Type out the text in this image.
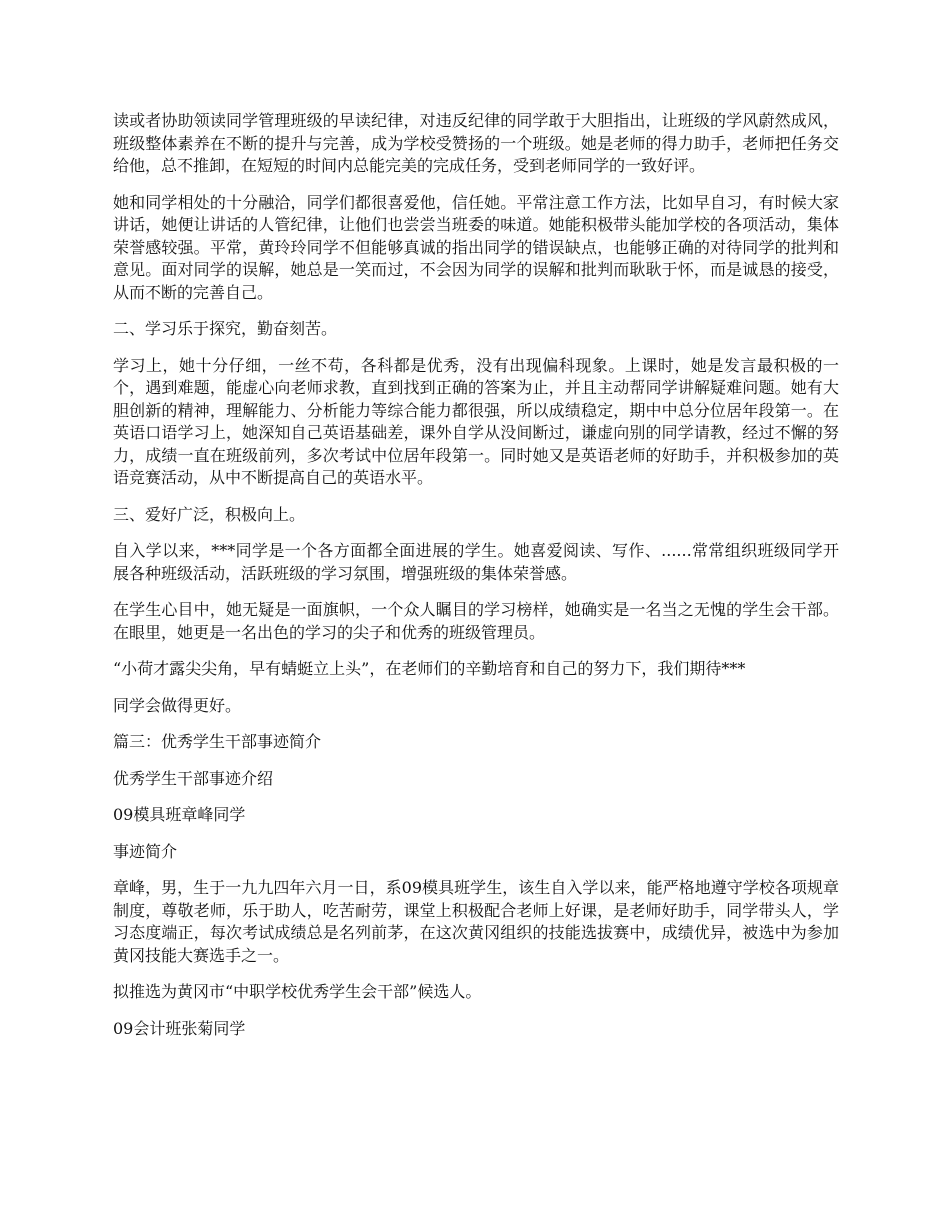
读或者协助领读同学管理班级的早读纪律，对违反纪律的同学敢于大胆指出，让班级的学风蔚然成风，班级整体素养在不断的提升与完善，成为学校受赞扬的一个班级。她是老师的得力助手，老师把任务交给他，总不推卸，在短短的时间内总能完美的完成任务，受到老师同学的一致好评。

她和同学相处的十分融洽，同学们都很喜爱他，信任她。平常注意工作方法，比如早自习，有时候大家讲话，她便让讲话的人管纪律，让他们也尝尝当班委的味道。她能积极带头能加学校的各项活动，集体荣誉感较强。平常，黄玲玲同学不但能够真诚的指出同学的错误缺点，也能够正确的对待同学的批判和意见。面对同学的误解，她总是一笑而过，不会因为同学的误解和批判而耿耿于怀，而是诚恳的接受，从而不断的完善自己。

二、学习乐于探究，勤奋刻苦。

学习上，她十分仔细，一丝不苟，各科都是优秀，没有出现偏科现象。上课时，她是发言最积极的一个，遇到难题，能虚心向老师求教，直到找到正确的答案为止，并且主动帮同学讲解疑难问题。她有大胆创新的精神，理解能力、分析能力等综合能力都很强，所以成绩稳定，期中中总分位居年段第一。在英语口语学习上，她深知自己英语基础差，课外自学从没间断过，谦虚向别的同学请教，经过不懈的努力，成绩一直在班级前列，多次考试中位居年段第一。同时她又是英语老师的好助手，并积极参加的英语竞赛活动，从中不断提高自己的英语水平。

三、爱好广泛，积极向上。

自入学以来，***同学是一个各方面都全面进展的学生。她喜爱阅读、写作、......常常组织班级同学开展各种班级活动，活跃班级的学习氛围，增强班级的集体荣誉感。

在学生心目中，她无疑是一面旗帜，一个众人瞩目的学习榜样，她确实是一名当之无愧的学生会干部。在眼里，她更是一名出色的学习的尖子和优秀的班级管理员。

“小荷才露尖尖角，早有蜻蜓立上头”，在老师们的辛勤培育和自己的努力下，我们期待***

同学会做得更好。

篇三：优秀学生干部事迹简介

优秀学生干部事迹介绍

09模具班章峰同学

事迹简介

章峰，男，生于一九九四年六月一日，系09模具班学生，该生自入学以来，能严格地遵守学校各项规章制度，尊敬老师，乐于助人，吃苦耐劳，课堂上积极配合老师上好课，是老师好助手，同学带头人，学习态度端正，每次考试成绩总是名列前茅，在这次黄冈组织的技能选拔赛中，成绩优异，被选中为参加黄冈技能大赛选手之一。

拟推选为黄冈市“中职学校优秀学生会干部”候选人。

09会计班张菊同学
